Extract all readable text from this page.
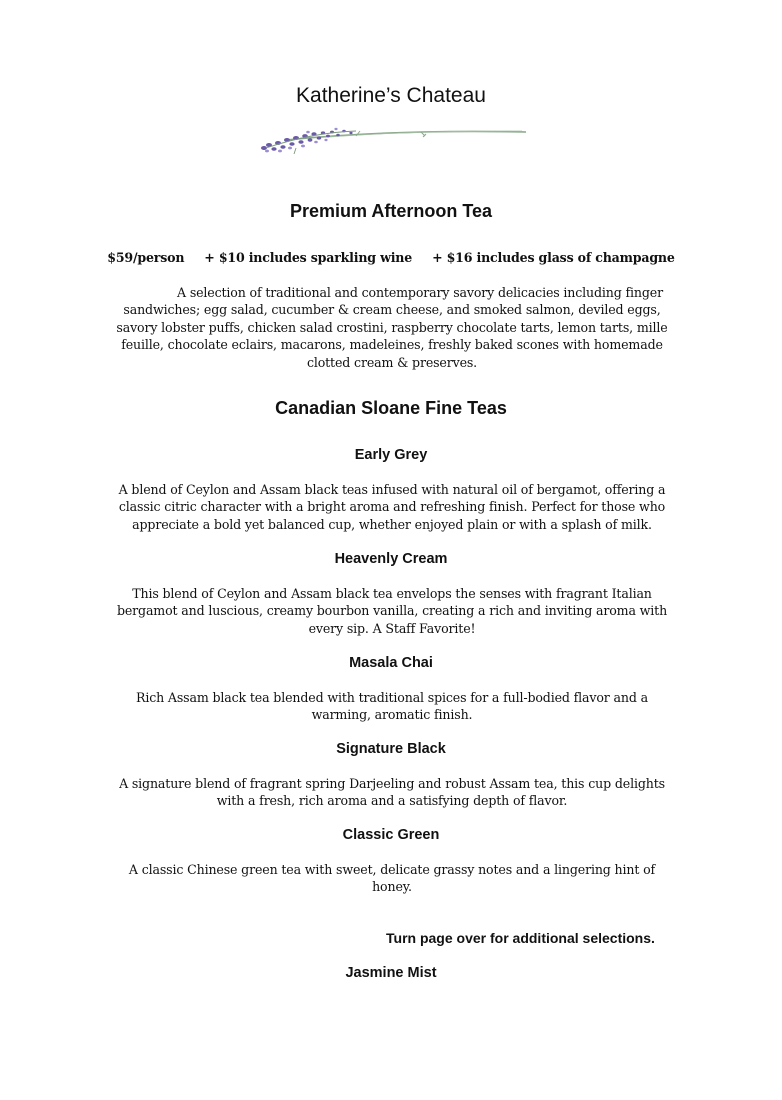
Katherine’s Chateau
Premium Afternoon Tea
$59/person + $10 includes sparkling wine + $16 includes glass of champagne
A selection of traditional and contemporary savory delicacies including finger sandwiches; egg salad, cucumber & cream cheese, and smoked salmon, deviled eggs, savory lobster puffs, chicken salad crostini, raspberry chocolate tarts, lemon tarts, mille feuille, chocolate eclairs, macarons, madeleines, freshly baked scones with homemade clotted cream & preserves.
Canadian Sloane Fine Teas
Early Grey
A blend of Ceylon and Assam black teas infused with natural oil of bergamot, offering a classic citric character with a bright aroma and refreshing finish. Perfect for those who appreciate a bold yet balanced cup, whether enjoyed plain or with a splash of milk.
Heavenly Cream
This blend of Ceylon and Assam black tea envelops the senses with fragrant Italian bergamot and luscious, creamy bourbon vanilla, creating a rich and inviting aroma with every sip. A Staff Favorite!
Masala Chai
Rich Assam black tea blended with traditional spices for a full-bodied flavor and a warming, aromatic finish.
Signature Black
A signature blend of fragrant spring Darjeeling and robust Assam tea, this cup delights with a fresh, rich aroma and a satisfying depth of flavor.
Classic Green
A classic Chinese green tea with sweet, delicate grassy notes and a lingering hint of honey.
Turn page over for additional selections.
Jasmine Mist
